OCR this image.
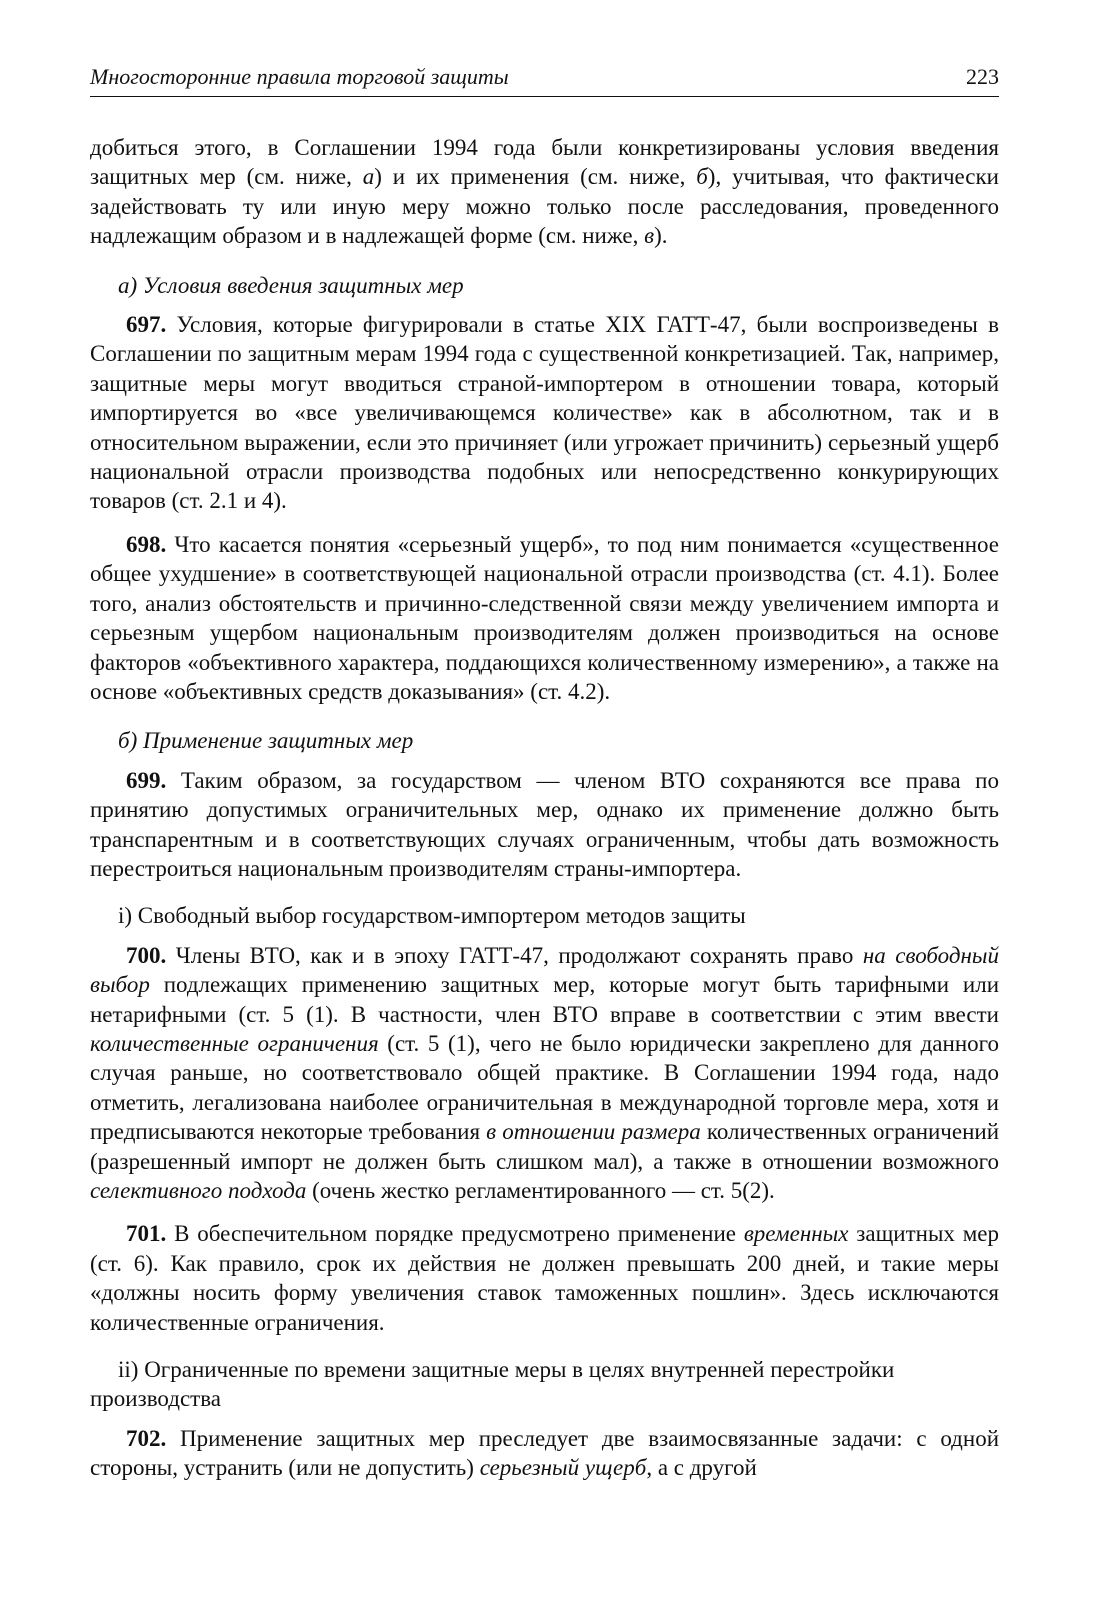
Многосторонние правила торговой защиты	223

добиться этого, в Соглашении 1994 года были конкретизированы условия введения защитных мер (см. ниже, а) и их применения (см. ниже, б), учитывая, что фактически задействовать ту или иную меру можно только после расследования, проведенного надлежащим образом и в надлежащей форме (см. ниже, в).

а) Условия введения защитных мер

697. Условия, которые фигурировали в статье XIX ГАТТ-47, были воспроизведены в Соглашении по защитным мерам 1994 года с существенной конкретизацией. Так, например, защитные меры могут вводиться страной-импортером в отношении товара, который импортируется во «все увеличивающемся количестве» как в абсолютном, так и в относительном выражении, если это причиняет (или угрожает причинить) серьезный ущерб национальной отрасли производства подобных или непосредственно конкурирующих товаров (ст. 2.1 и 4).

698. Что касается понятия «серьезный ущерб», то под ним понимается «существенное общее ухудшение» в соответствующей национальной отрасли производства (ст. 4.1). Более того, анализ обстоятельств и причинно-следственной связи между увеличением импорта и серьезным ущербом национальным производителям должен производиться на основе факторов «объективного характера, поддающихся количественному измерению», а также на основе «объективных средств доказывания» (ст. 4.2).

б) Применение защитных мер

699. Таким образом, за государством — членом ВТО сохраняются все права по принятию допустимых ограничительных мер, однако их применение должно быть транспарентным и в соответствующих случаях ограниченным, чтобы дать возможность перестроиться национальным производителям страны-импортера.

i) Свободный выбор государством-импортером методов защиты

700. Члены ВТО, как и в эпоху ГАТТ-47, продолжают сохранять право на свободный выбор подлежащих применению защитных мер, которые могут быть тарифными или нетарифными (ст. 5 (1). В частности, член ВТО вправе в соответствии с этим ввести количественные ограничения (ст. 5 (1), чего не было юридически закреплено для данного случая раньше, но соответствовало общей практике. В Соглашении 1994 года, надо отметить, легализована наиболее ограничительная в международной торговле мера, хотя и предписываются некоторые требования в отношении размера количественных ограничений (разрешенный импорт не должен быть слишком мал), а также в отношении возможного селективного подхода (очень жестко регламентированного — ст. 5(2).

701. В обеспечительном порядке предусмотрено применение временных защитных мер (ст. 6). Как правило, срок их действия не должен превышать 200 дней, и такие меры «должны носить форму увеличения ставок таможенных пошлин». Здесь исключаются количественные ограничения.

ii) Ограниченные по времени защитные меры в целях внутренней перестройки производства

702. Применение защитных мер преследует две взаимосвязанные задачи: с одной стороны, устранить (или не допустить) серьезный ущерб, а с другой
